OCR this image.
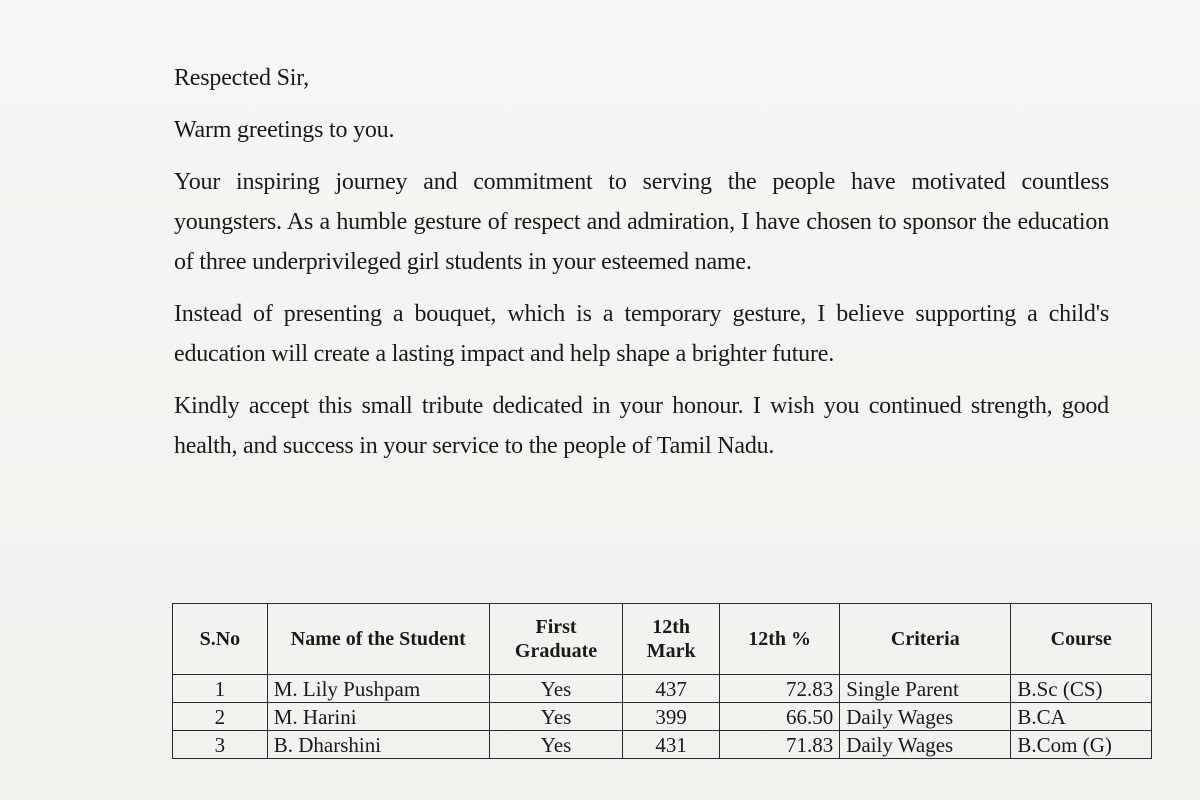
Respected Sir,

Warm greetings to you.

Your inspiring journey and commitment to serving the people have motivated countless youngsters. As a humble gesture of respect and admiration, I have chosen to sponsor the education of three underprivileged girl students in your esteemed name.

Instead of presenting a bouquet, which is a temporary gesture, I believe supporting a child's education will create a lasting impact and help shape a brighter future.

Kindly accept this small tribute dedicated in your honour. I wish you continued strength, good health, and success in your service to the people of Tamil Nadu.

S.No	Name of the Student	First Graduate	12th Mark	12th %	Criteria	Course
1	M. Lily Pushpam	Yes	437	72.83	Single Parent	B.Sc (CS)
2	M. Harini	Yes	399	66.50	Daily Wages	B.CA
3	B. Dharshini	Yes	431	71.83	Daily Wages	B.Com (G)
